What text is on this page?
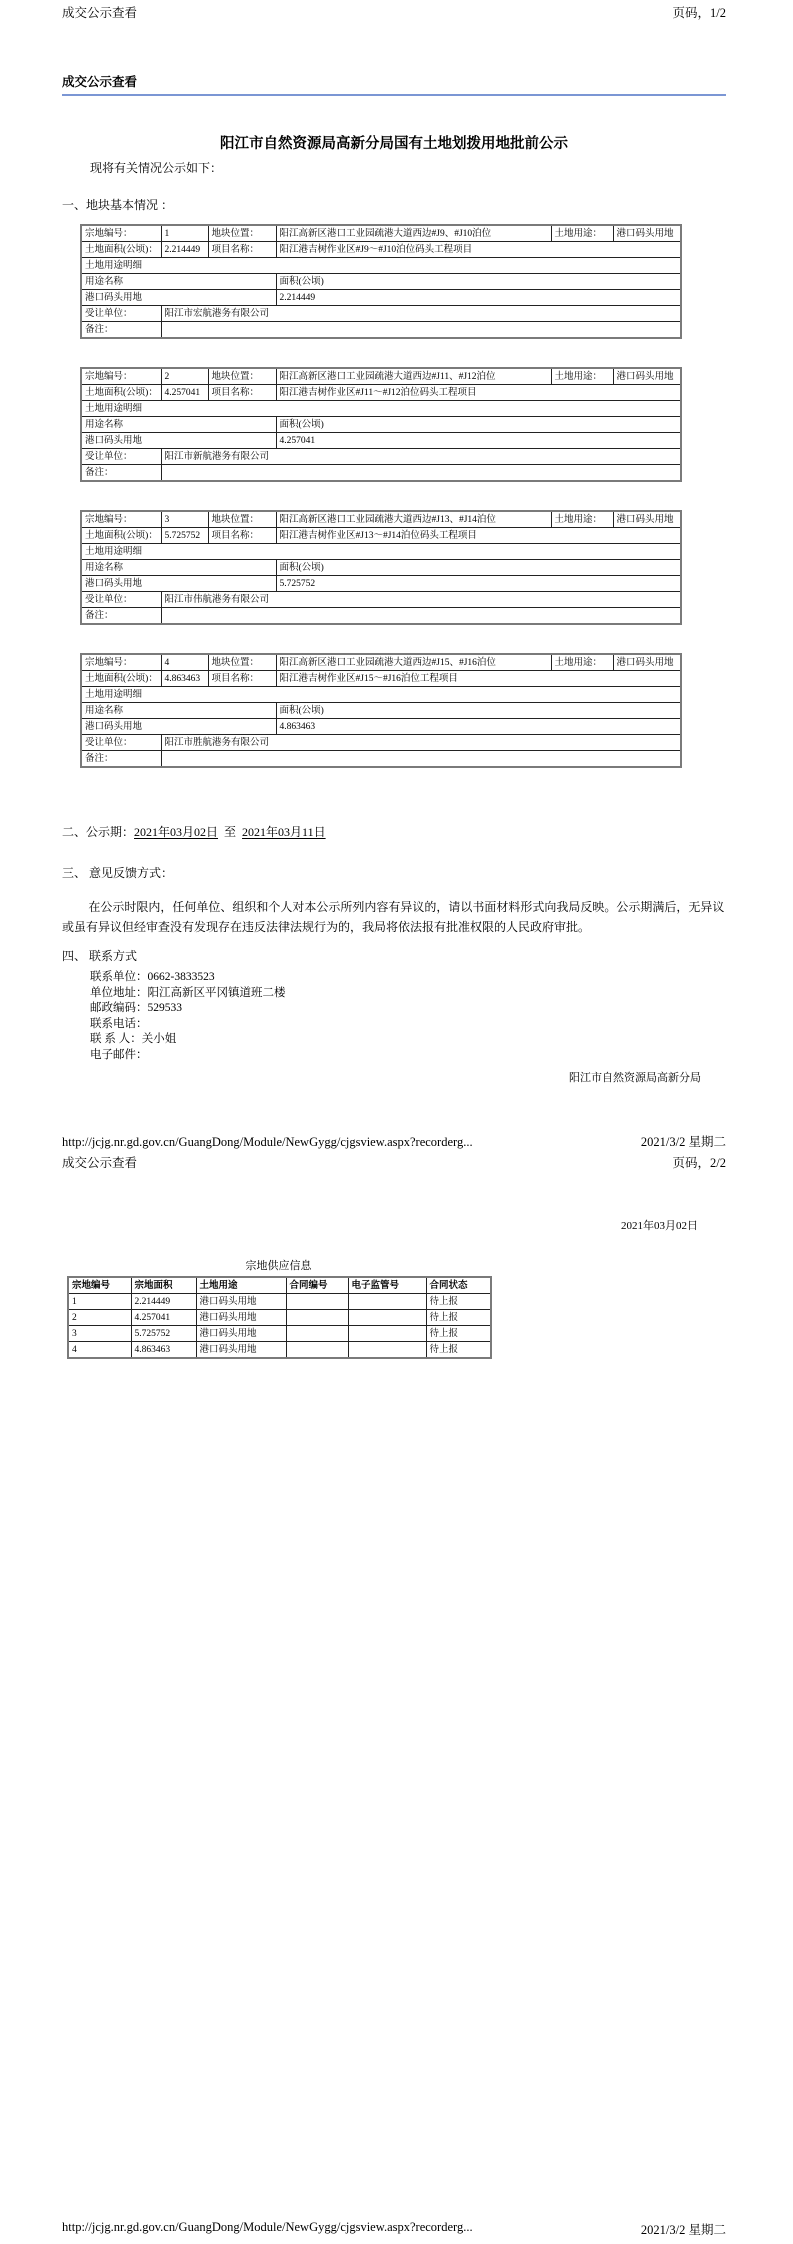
成交公示查看	页码，1/2
成交公示查看

阳江市自然资源局高新分局国有土地划拨用地批前公示

现将有关情况公示如下：

一、地块基本情况 ：

宗地编号：	1	地块位置：	阳江高新区港口工业园疏港大道西边#J9、#J10泊位	土地用途：	港口码头用地
土地面积(公顷)：	2.214449	项目名称：	阳江港吉树作业区#J9～#J10泊位码头工程项目		
土地用途明细					
用途名称			面积(公顷)		
港口码头用地			2.214449		
受让单位：	阳江市宏航港务有限公司				
备注：					
宗地编号：	2	地块位置：	阳江高新区港口工业园疏港大道西边#J11、#J12泊位	土地用途：	港口码头用地
土地面积(公顷)：	4.257041	项目名称：	阳江港吉树作业区#J11～#J12泊位码头工程项目		
土地用途明细					
用途名称			面积(公顷)		
港口码头用地			4.257041		
受让单位：	阳江市新航港务有限公司				
备注：					
宗地编号：	3	地块位置：	阳江高新区港口工业园疏港大道西边#J13、#J14泊位	土地用途：	港口码头用地
土地面积(公顷)：	5.725752	项目名称：	阳江港吉树作业区#J13～#J14泊位码头工程项目		
土地用途明细					
用途名称			面积(公顷)		
港口码头用地			5.725752		
受让单位：	阳江市伟航港务有限公司				
备注：					
宗地编号：	4	地块位置：	阳江高新区港口工业园疏港大道西边#J15、#J16泊位	土地用途：	港口码头用地
土地面积(公顷)：	4.863463	项目名称：	阳江港吉树作业区#J15～#J16泊位工程项目		
土地用途明细					
用途名称			面积(公顷)		
港口码头用地			4.863463		
受让单位：	阳江市胜航港务有限公司				
备注：					

二、公示期：2021年03月02日 至 2021年03月11日

三、 意见反馈方式：

在公示时限内，任何单位、组织和个人对本公示所列内容有异议的，请以书面材料形式向我局反映。公示期满后，无异议或虽有异议但经审查没有发现存在违反法律法规行为的，我局将依法报有批准权限的人民政府审批。

四、 联系方式

联系单位：0662-3833523

单位地址：阳江高新区平冈镇道班二楼

邮政编码：529533

联系电话：

联 系 人：关小姐

电子邮件：

阳江市自然资源局高新分局

http://jcjg.nr.gd.gov.cn/GuangDong/Module/NewGygg/cjgsview.aspx?recorderg...	2021/3/2 星期二
成交公示查看	页码，2/2

2021年03月02日

宗地供应信息

宗地编号	宗地面积	土地用途	合同编号	电子监管号	合同状态
1	2.214449	港口码头用地			待上报
2	4.257041	港口码头用地			待上报
3	5.725752	港口码头用地			待上报
4	4.863463	港口码头用地			待上报
http://jcjg.nr.gd.gov.cn/GuangDong/Module/NewGygg/cjgsview.aspx?recorderg...	2021/3/2 星期二
